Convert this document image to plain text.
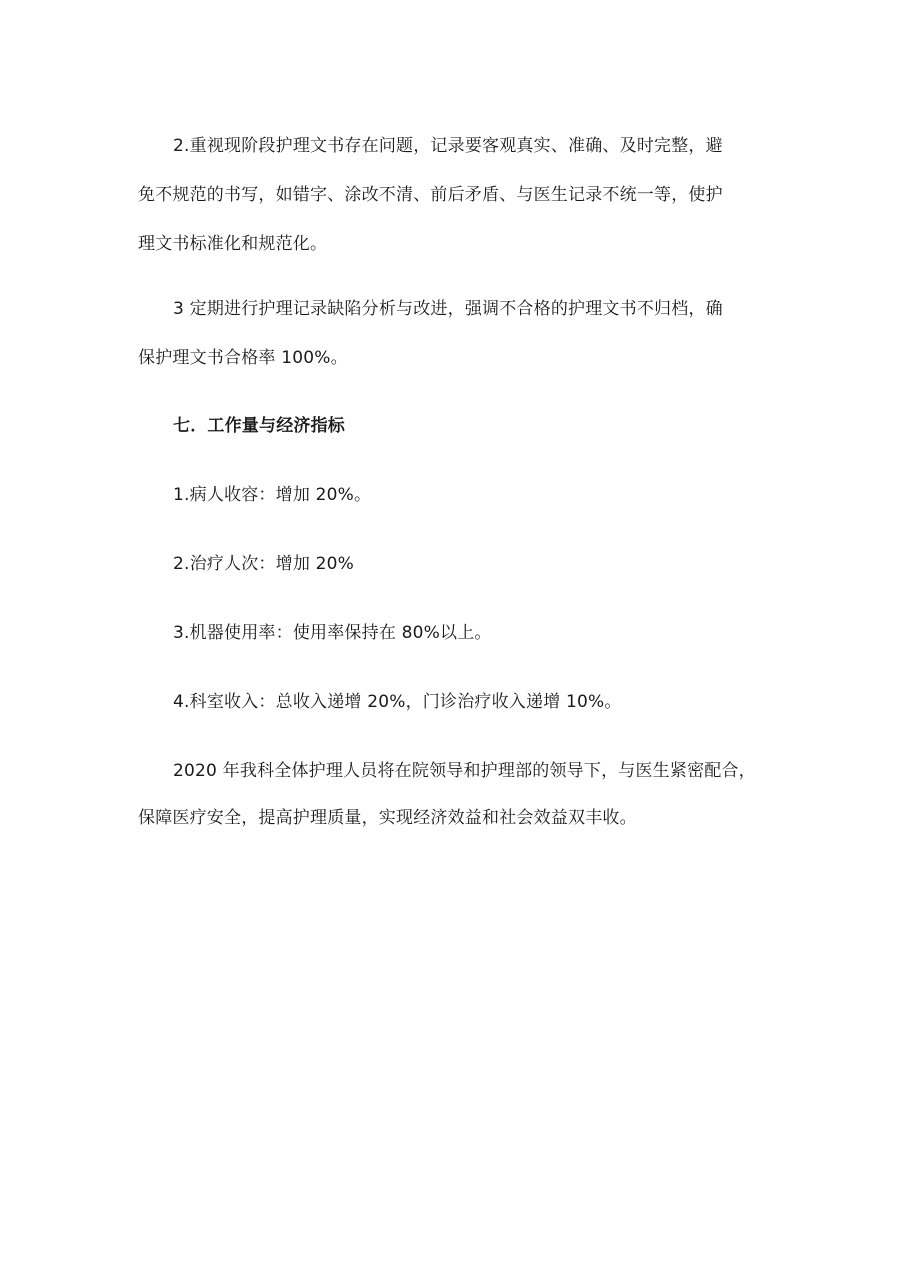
2.重视现阶段护理文书存在问题，记录要客观真实、准确、及时完整，避
免不规范的书写，如错字、涂改不清、前后矛盾、与医生记录不统一等，使护
理文书标准化和规范化。
3 定期进行护理记录缺陷分析与改进，强调不合格的护理文书不归档，确
保护理文书合格率 100%。
七．工作量与经济指标
1.病人收容：增加 20%。
2.治疗人次：增加 20%
3.机器使用率：使用率保持在 80%以上。
4.科室收入：总收入递增 20%，门诊治疗收入递增 10%。
2020 年我科全体护理人员将在院领导和护理部的领导下，与医生紧密配合，
保障医疗安全，提高护理质量，实现经济效益和社会效益双丰收。
